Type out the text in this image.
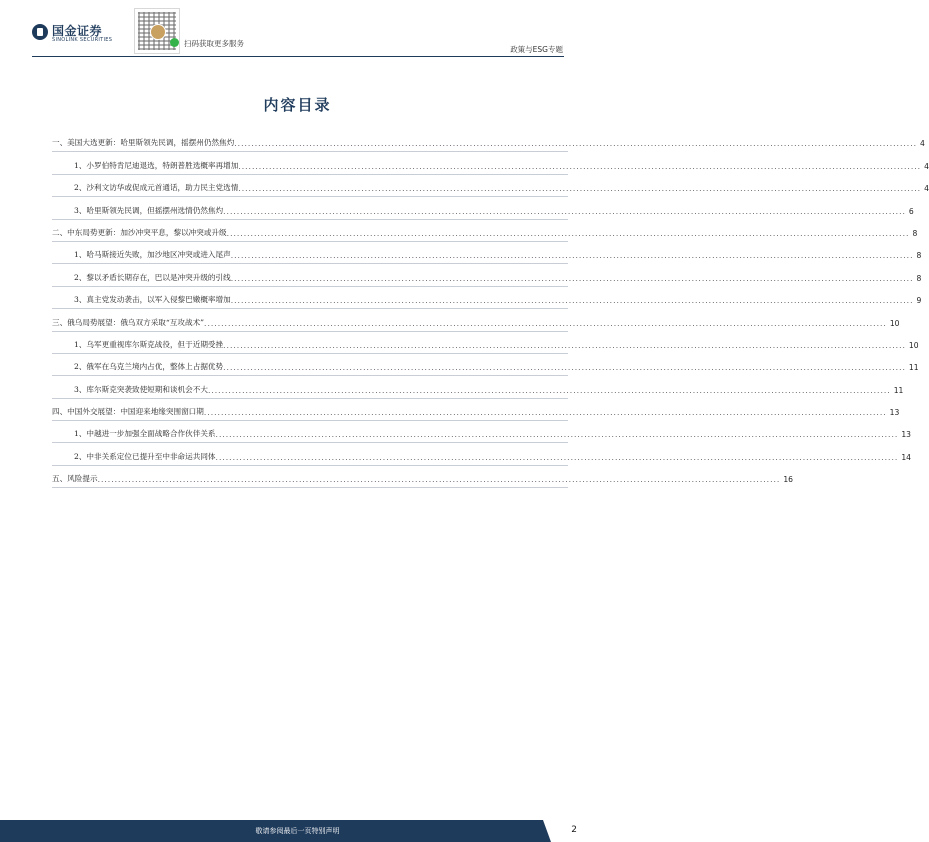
国金证券
SINOLINK SECURITIES	扫码获取更多服务
政策与ESG专题
内容目录
一、美国大选更新：哈里斯领先民调，摇摆州仍然焦灼 ........................................................................................................................................................................................................ 4
1、小罗伯特肯尼迪退选，特朗普胜选概率再增加 ........................................................................................................................................................................................................ 4
2、沙利文访华或促成元首通话，助力民主党选情 ........................................................................................................................................................................................................ 4
3、哈里斯领先民调，但摇摆州选情仍然焦灼 ........................................................................................................................................................................................................ 6
二、中东局势更新：加沙冲突平息，黎以冲突或升级 ........................................................................................................................................................................................................ 8
1、哈马斯接近失败，加沙地区冲突或进入尾声 ........................................................................................................................................................................................................ 8
2、黎以矛盾长期存在，巴以是冲突升级的引线 ........................................................................................................................................................................................................ 8
3、真主党发动袭击，以军入侵黎巴嫩概率增加 ........................................................................................................................................................................................................ 9
三、俄乌局势展望：俄乌双方采取“互攻战术” ........................................................................................................................................................................................................ 10
1、乌军更重视库尔斯克战役，但于近期受挫 ........................................................................................................................................................................................................ 10
2、俄军在乌克兰境内占优，整体上占据优势 ........................................................................................................................................................................................................ 11
3、库尔斯克突袭致使短期和谈机会不大 ........................................................................................................................................................................................................ 11
四、中国外交展望：中国迎来地缘突围窗口期 ........................................................................................................................................................................................................ 13
1、中越进一步加强全面战略合作伙伴关系 ........................................................................................................................................................................................................ 13
2、中非关系定位已提升至中非命运共同体 ........................................................................................................................................................................................................ 14
五、风险提示 ........................................................................................................................................................................................................ 16
敬请参阅最后一页特别声明	2
